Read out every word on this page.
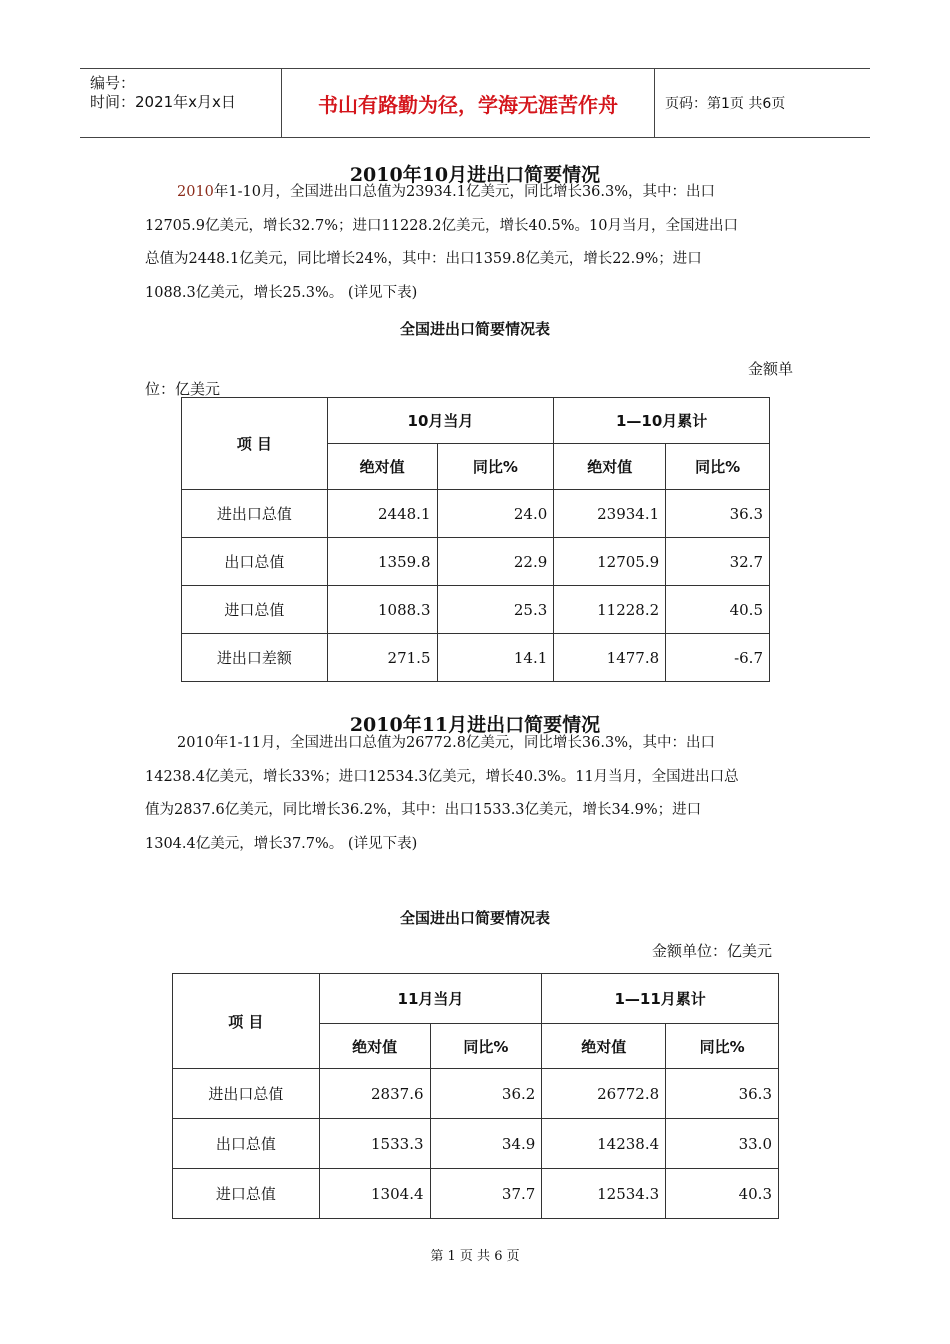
编号：
时间：2021年x月x日	书山有路勤为径，学海无涯苦作舟	页码：第1页 共6页
2010年10月进出口简要情况
2010年1-10月，全国进出口总值为23934.1亿美元，同比增长36.3%，其中：出口
12705.9亿美元，增长32.7%；进口11228.2亿美元，增长40.5%。10月当月，全国进出口
总值为2448.1亿美元，同比增长24%，其中：出口1359.8亿美元，增长22.9%；进口
1088.3亿美元，增长25.3%。 (详见下表)
全国进出口简要情况表
金额单
位：亿美元
项 目	10月当月		1—10月累计	
	绝对值	同比%	绝对值	同比%
进出口总值	2448.1	24.0	23934.1	36.3
出口总值	1359.8	22.9	12705.9	32.7
进口总值	1088.3	25.3	11228.2	40.5
进出口差额	271.5	14.1	1477.8	-6.7
2010年11月进出口简要情况
2010年1-11月，全国进出口总值为26772.8亿美元，同比增长36.3%，其中：出口
14238.4亿美元，增长33%；进口12534.3亿美元，增长40.3%。11月当月，全国进出口总
值为2837.6亿美元，同比增长36.2%，其中：出口1533.3亿美元，增长34.9%；进口
1304.4亿美元，增长37.7%。 (详见下表)
全国进出口简要情况表
金额单位：亿美元
项 目	11月当月		1—11月累计	
	绝对值	同比%	绝对值	同比%
进出口总值	2837.6	36.2	26772.8	36.3
出口总值	1533.3	34.9	14238.4	33.0
进口总值	1304.4	37.7	12534.3	40.3
第 1 页 共 6 页
